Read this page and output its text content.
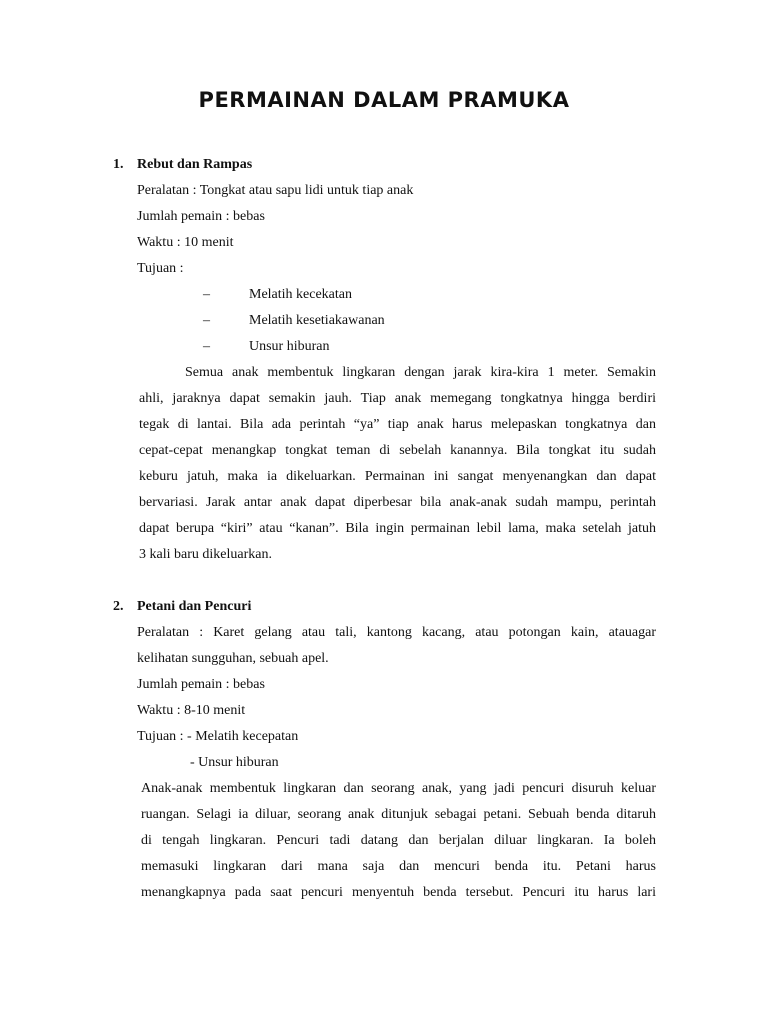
PERMAINAN DALAM PRAMUKA
1. Rebut dan Rampas
Peralatan : Tongkat atau sapu lidi untuk tiap anak
Jumlah pemain : bebas
Waktu : 10 menit
Tujuan :
–	Melatih kecekatan
–	Melatih kesetiakawanan
–	Unsur hiburan
Semua anak membentuk lingkaran dengan jarak kira-kira 1 meter. Semakin
ahli, jaraknya dapat semakin jauh. Tiap anak memegang tongkatnya hingga berdiri
tegak di lantai. Bila ada perintah “ya” tiap anak harus melepaskan tongkatnya dan
cepat-cepat menangkap tongkat teman di sebelah kanannya. Bila tongkat itu sudah
keburu jatuh, maka ia dikeluarkan. Permainan ini sangat menyenangkan dan dapat
bervariasi. Jarak antar anak dapat diperbesar bila anak-anak sudah mampu, perintah
dapat berupa “kiri” atau “kanan”. Bila ingin permainan lebil lama, maka setelah jatuh
3 kali baru dikeluarkan.
2. Petani dan Pencuri
Peralatan : Karet gelang atau tali, kantong kacang, atau potongan kain, atauagar
kelihatan sungguhan, sebuah apel.
Jumlah pemain : bebas
Waktu : 8-10 menit
Tujuan : - Melatih kecepatan
- Unsur hiburan
Anak-anak membentuk lingkaran dan seorang anak, yang jadi pencuri disuruh keluar
ruangan. Selagi ia diluar, seorang anak ditunjuk sebagai petani. Sebuah benda ditaruh
di tengah lingkaran. Pencuri tadi datang dan berjalan diluar lingkaran. Ia boleh
memasuki lingkaran dari mana saja dan mencuri benda itu. Petani harus
menangkapnya pada saat pencuri menyentuh benda tersebut. Pencuri itu harus lari
